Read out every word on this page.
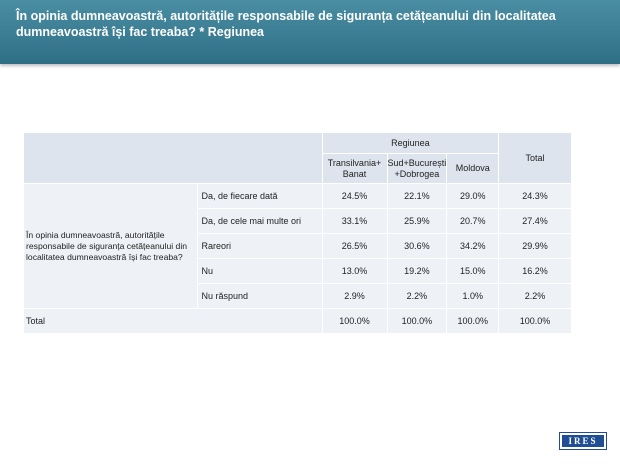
În opinia dumneavoastră, autoritățile responsabile de siguranța cetățeanului din localitatea dumneavoastră își fac treaba? * Regiunea
		Regiunea			Total
		Transilvania+ Banat	Sud+București +Dobrogea	Moldova	
În opinia dumneavoastră, autoritățile responsabile de siguranța cetățeanului din localitatea dumneavoastră își fac treaba?	Da, de fiecare dată	24.5%	22.1%	29.0%	24.3%
	Da, de cele mai multe ori	33.1%	25.9%	20.7%	27.4%
	Rareori	26.5%	30.6%	34.2%	29.9%
	Nu	13.0%	19.2%	15.0%	16.2%
	Nu răspund	2.9%	2.2%	1.0%	2.2%
Total		100.0%	100.0%	100.0%	100.0%
IRES
